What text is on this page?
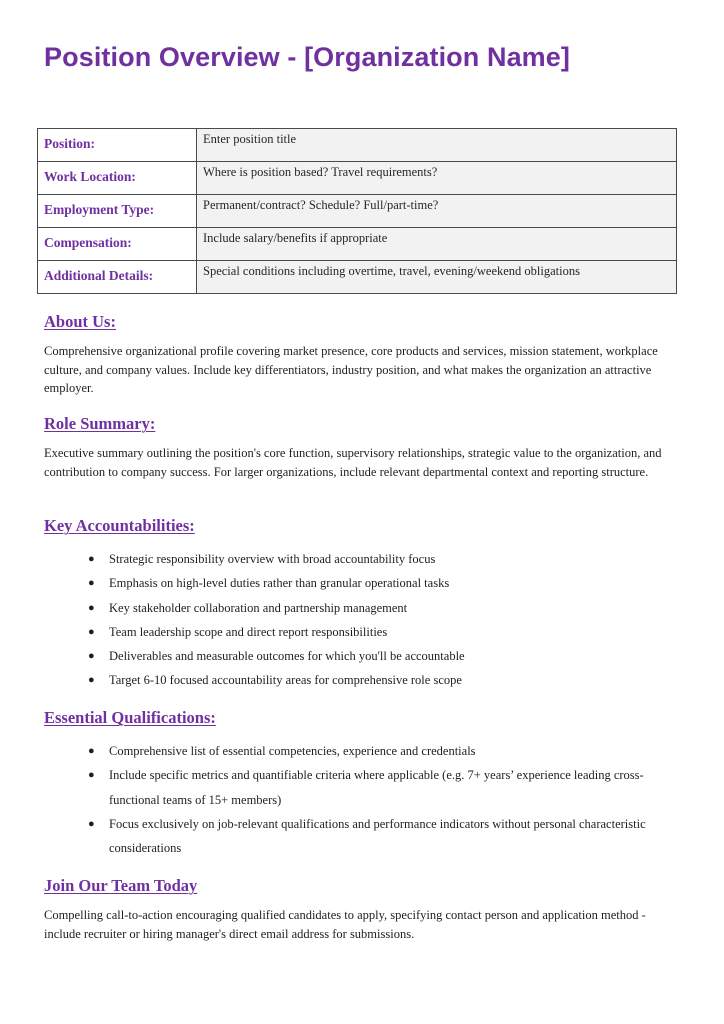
Position Overview - [Organization Name]
Position:	Enter position title
Work Location:	Where is position based? Travel requirements?
Employment Type:	Permanent/contract? Schedule? Full/part-time?
Compensation:	Include salary/benefits if appropriate
Additional Details:	Special conditions including overtime, travel, evening/weekend obligations
About Us:

Comprehensive organizational profile covering market presence, core products and services, mission statement, workplace culture, and company values. Include key differentiators, industry position, and what makes the organization an attractive employer.

Role Summary:

Executive summary outlining the position's core function, supervisory relationships, strategic value to the organization, and contribution to company success. For larger organizations, include relevant departmental context and reporting structure.

Key Accountabilities:
● Strategic responsibility overview with broad accountability focus
● Emphasis on high-level duties rather than granular operational tasks
● Key stakeholder collaboration and partnership management
● Team leadership scope and direct report responsibilities
● Deliverables and measurable outcomes for which you'll be accountable
● Target 6-10 focused accountability areas for comprehensive role scope
Essential Qualifications:
● Comprehensive list of essential competencies, experience and credentials
● Include specific metrics and quantifiable criteria where applicable (e.g. 7+ years’ experience leading cross-functional teams of 15+ members)
● Focus exclusively on job-relevant qualifications and performance indicators without personal characteristic considerations
Join Our Team Today

Compelling call-to-action encouraging qualified candidates to apply, specifying contact person and application method - include recruiter or hiring manager's direct email address for submissions.
